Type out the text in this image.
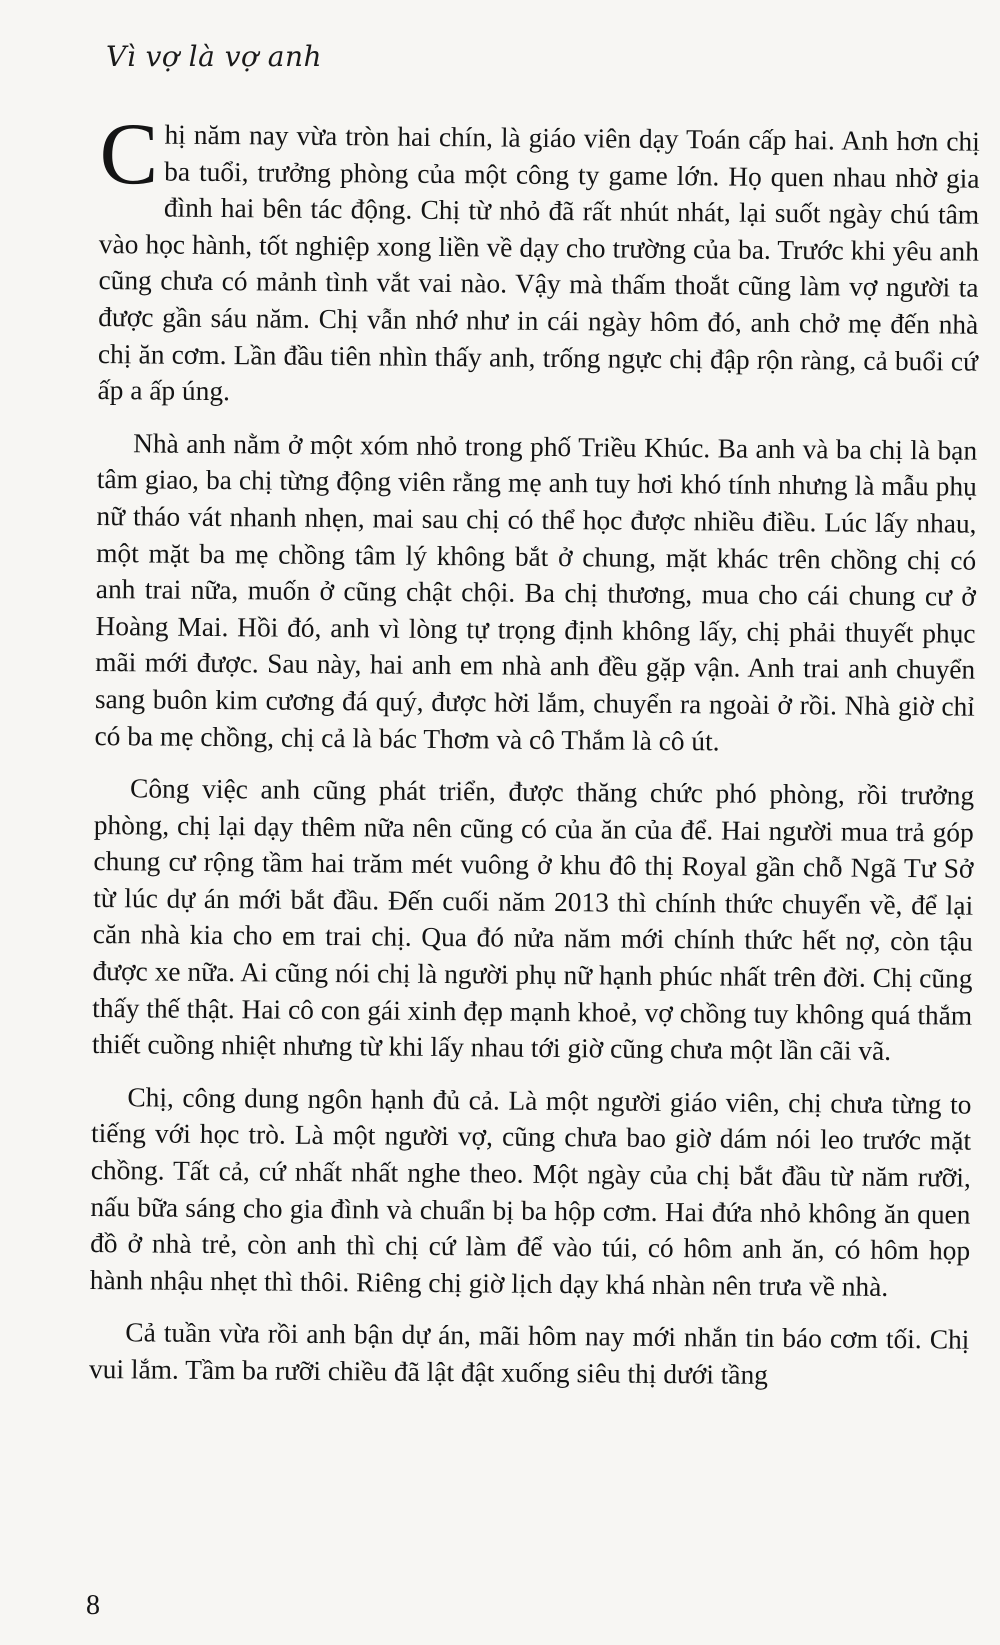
Vì vợ là vợ anh

Chị năm nay vừa tròn hai chín, là giáo viên dạy Toán cấp hai. Anh hơn chị ba tuổi, trưởng phòng của một công ty game lớn. Họ quen nhau nhờ gia đình hai bên tác động. Chị từ nhỏ đã rất nhút nhát, lại suốt ngày chú tâm vào học hành, tốt nghiệp xong liền về dạy cho trường của ba. Trước khi yêu anh cũng chưa có mảnh tình vắt vai nào. Vậy mà thấm thoắt cũng làm vợ người ta được gần sáu năm. Chị vẫn nhớ như in cái ngày hôm đó, anh chở mẹ đến nhà chị ăn cơm. Lần đầu tiên nhìn thấy anh, trống ngực chị đập rộn ràng, cả buổi cứ ấp a ấp úng.

Nhà anh nằm ở một xóm nhỏ trong phố Triều Khúc. Ba anh và ba chị là bạn tâm giao, ba chị từng động viên rằng mẹ anh tuy hơi khó tính nhưng là mẫu phụ nữ tháo vát nhanh nhẹn, mai sau chị có thể học được nhiều điều. Lúc lấy nhau, một mặt ba mẹ chồng tâm lý không bắt ở chung, mặt khác trên chồng chị có anh trai nữa, muốn ở cũng chật chội. Ba chị thương, mua cho cái chung cư ở Hoàng Mai. Hồi đó, anh vì lòng tự trọng định không lấy, chị phải thuyết phục mãi mới được. Sau này, hai anh em nhà anh đều gặp vận. Anh trai anh chuyển sang buôn kim cương đá quý, được hời lắm, chuyển ra ngoài ở rồi. Nhà giờ chỉ có ba mẹ chồng, chị cả là bác Thơm và cô Thắm là cô út.

Công việc anh cũng phát triển, được thăng chức phó phòng, rồi trưởng phòng, chị lại dạy thêm nữa nên cũng có của ăn của để. Hai người mua trả góp chung cư rộng tầm hai trăm mét vuông ở khu đô thị Royal gần chỗ Ngã Tư Sở từ lúc dự án mới bắt đầu. Đến cuối năm 2013 thì chính thức chuyển về, để lại căn nhà kia cho em trai chị. Qua đó nửa năm mới chính thức hết nợ, còn tậu được xe nữa. Ai cũng nói chị là người phụ nữ hạnh phúc nhất trên đời. Chị cũng thấy thế thật. Hai cô con gái xinh đẹp mạnh khoẻ, vợ chồng tuy không quá thắm thiết cuồng nhiệt nhưng từ khi lấy nhau tới giờ cũng chưa một lần cãi vã.

Chị, công dung ngôn hạnh đủ cả. Là một người giáo viên, chị chưa từng to tiếng với học trò. Là một người vợ, cũng chưa bao giờ dám nói leo trước mặt chồng. Tất cả, cứ nhất nhất nghe theo. Một ngày của chị bắt đầu từ năm rưỡi, nấu bữa sáng cho gia đình và chuẩn bị ba hộp cơm. Hai đứa nhỏ không ăn quen đồ ở nhà trẻ, còn anh thì chị cứ làm để vào túi, có hôm anh ăn, có hôm họp hành nhậu nhẹt thì thôi. Riêng chị giờ lịch dạy khá nhàn nên trưa về nhà.

Cả tuần vừa rồi anh bận dự án, mãi hôm nay mới nhắn tin báo cơm tối. Chị vui lắm. Tầm ba rưỡi chiều đã lật đật xuống siêu thị dưới tầng

8
